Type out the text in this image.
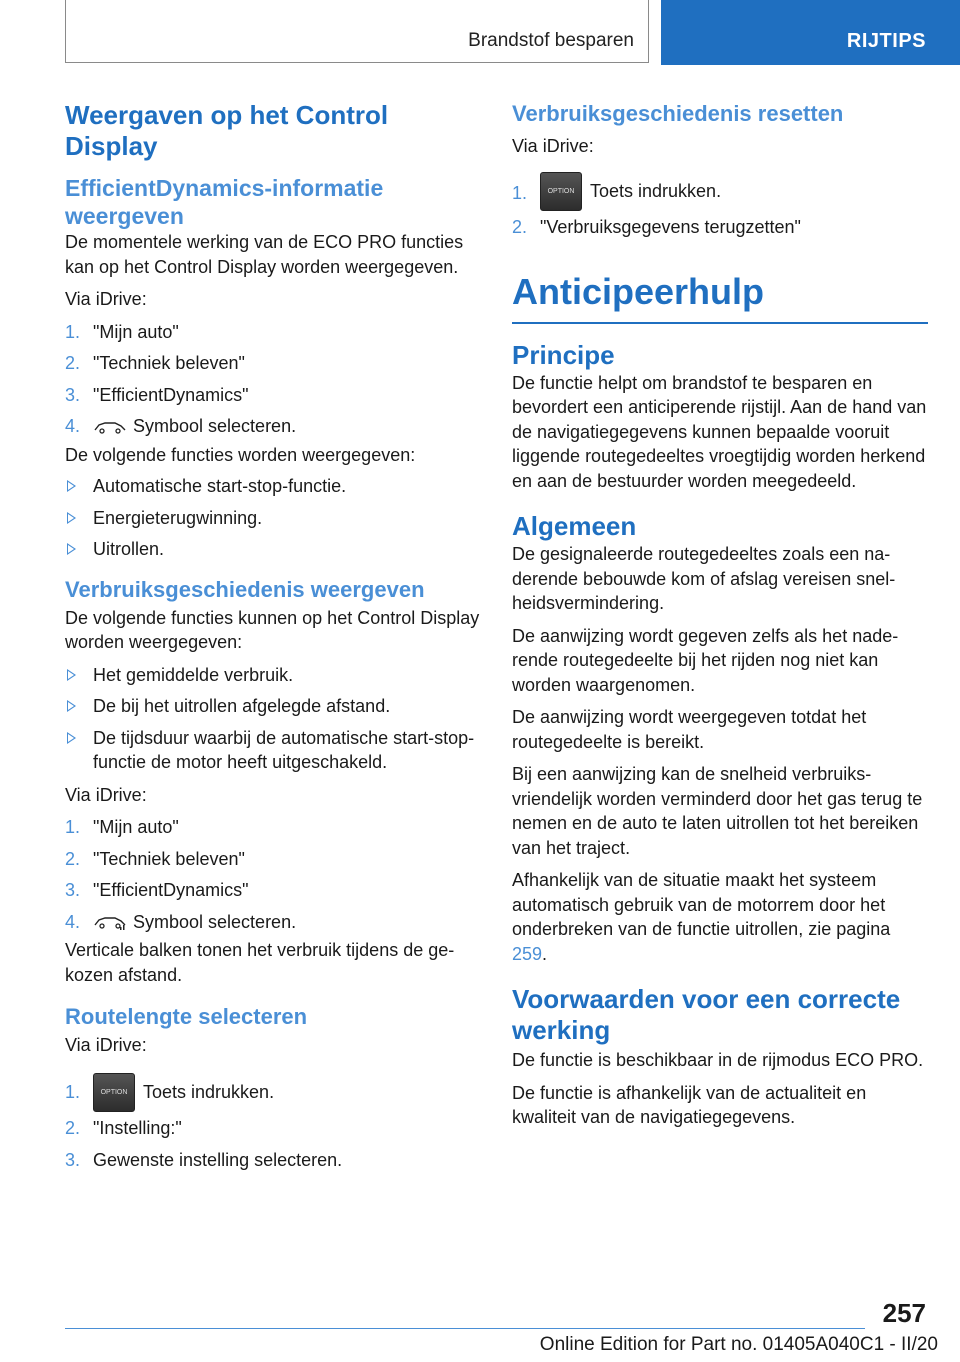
Brandstof besparen	RIJTIPS
Weergaven op het Control Display
EfficientDynamics-informatie weergeven

De momentele werking van de ECO PRO functies kan op het Control Display worden weergegeven.

Via iDrive:

1. "Mijn auto"
2. "Techniek beleven"
3. "EfficientDynamics"
4.	Symbool selecteren.

De volgende functies worden weergegeven:

Automatische start-stop-functie.
Energieterugwinning.
Uitrollen.
Verbruiksgeschiedenis weergeven

De volgende functies kunnen op het Control Display worden weergegeven:

Het gemiddelde verbruik.
De bij het uitrollen afgelegde afstand.
De tijdsduur waarbij de automatische start-stop-functie de motor heeft uitgeschakeld.

Via iDrive:

1. "Mijn auto"
2. "Techniek beleven"
3. "EfficientDynamics"
4.	Symbool selecteren.

Verticale balken tonen het verbruik tijdens de gekozen afstand.

Routelengte selecteren

Via iDrive:

1.	OPTION Toets indrukken.
2. "Instelling:"
3. Gewenste instelling selecteren.
Verbruiksgeschiedenis resetten

Via iDrive:

1.	OPTION Toets indrukken.
2. "Verbruiksgegevens terugzetten"
Anticipeerhulp
Principe

De functie helpt om brandstof te besparen en bevordert een anticiperende rijstijl. Aan de hand van de navigatiegegevens kunnen bepaalde vooruit liggende routegedeeltes vroegtijdig worden herkend en aan de bestuurder worden meegedeeld.

Algemeen

De gesignaleerde routegedeeltes zoals een naderende bebouwde kom of afslag vereisen snelheidsvermindering.

De aanwijzing wordt gegeven zelfs als het naderende routegedeelte bij het rijden nog niet kan worden waargenomen.

De aanwijzing wordt weergegeven totdat het routegedeelte is bereikt.

Bij een aanwijzing kan de snelheid verbruiksvriendelijk worden verminderd door het gas terug te nemen en de auto te laten uitrollen tot het bereiken van het traject.

Afhankelijk van de situatie maakt het systeem automatisch gebruik van de motorrem door het onderbreken van de functie uitrollen, zie pagina 259.

Voorwaarden voor een correcte werking

De functie is beschikbaar in de rijmodus ECO PRO.

De functie is afhankelijk van de actualiteit en kwaliteit van de navigatiegegevens.

257
Online Edition for Part no. 01405A040C1 - II/20
